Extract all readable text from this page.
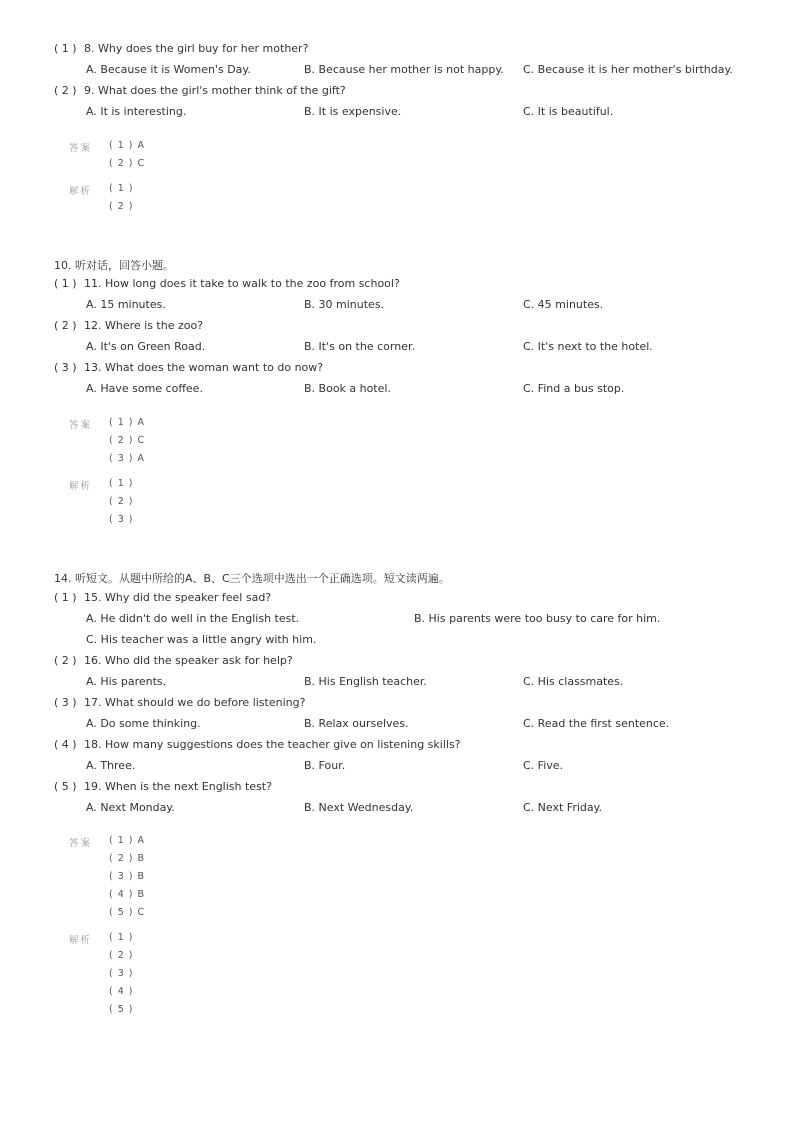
( 1 ) 8. Why does the girl buy for her mother?
A. Because it is Women's Day.	B. Because her mother is not happy. C. Because it is her mother's birthday.
( 2 ) 9. What does the girl's mother think of the gift?
A. It is interesting.	B. It is expensive.	C. It is beautiful.
答案 ( 1 ) A
( 2 ) C
解析 ( 1 )
( 2 )
10. 听对话，回答小题。
( 1 ) 11. How long does it take to walk to the zoo from school?
A. 15 minutes.	B. 30 minutes.	C. 45 minutes.
( 2 ) 12. Where is the zoo?
A. It's on Green Road.	B. It's on the corner.	C. It's next to the hotel.
( 3 ) 13. What does the woman want to do now?
A. Have some coffee.	B. Book a hotel.	C. Find a bus stop.
答案 ( 1 ) A
( 2 ) C
( 3 ) A
解析 ( 1 )
( 2 )
( 3 )
14. 听短文。从题中所给的A、B、C三个选项中选出一个正确选项。短文读两遍。
( 1 ) 15. Why did the speaker feel sad?
A. He didn't do well in the English test.	B. His parents were too busy to care for him.
C. His teacher was a little angry with him.
( 2 ) 16. Who did the speaker ask for help?
A. His parents.	B. His English teacher.	C. His classmates.
( 3 ) 17. What should we do before listening?
A. Do some thinking.	B. Relax ourselves.	C. Read the first sentence.
( 4 ) 18. How many suggestions does the teacher give on listening skills?
A. Three.	B. Four.	C. Five.
( 5 ) 19. When is the next English test?
A. Next Monday.	B. Next Wednesday.	C. Next Friday.
答案 ( 1 ) A
( 2 ) B
( 3 ) B
( 4 ) B
( 5 ) C
解析 ( 1 )
( 2 )
( 3 )
( 4 )
( 5 )
